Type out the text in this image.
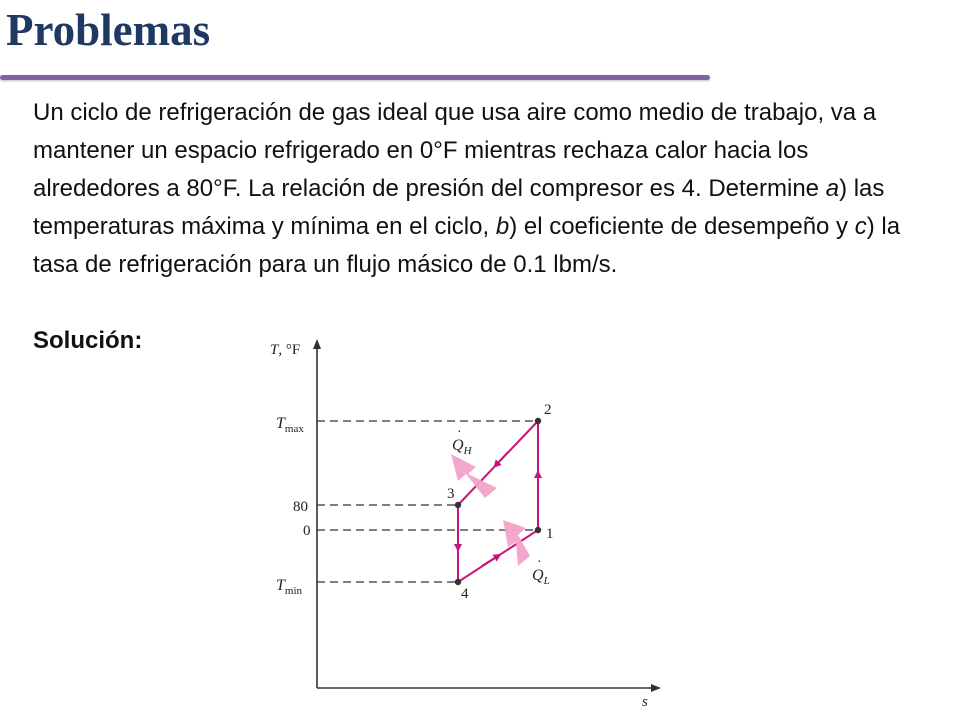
Problemas

Un ciclo de refrigeración de gas ideal que usa aire como medio de trabajo, va a mantener un espacio refrigerado en 0°F mientras rechaza calor hacia los alrededores a 80°F. La relación de presión del compresor es 4. Determine a) las temperaturas máxima y mínima en el ciclo, b) el coeficiente de desempeño y c) la tasa de refrigeración para un flujo másico de 0.1 lbm/s.

Solución:	T, °F
s
$T_{max}$
80
0
$T_{min}$
1
2
3
4
·
$Q_H$
·
$Q_L$
